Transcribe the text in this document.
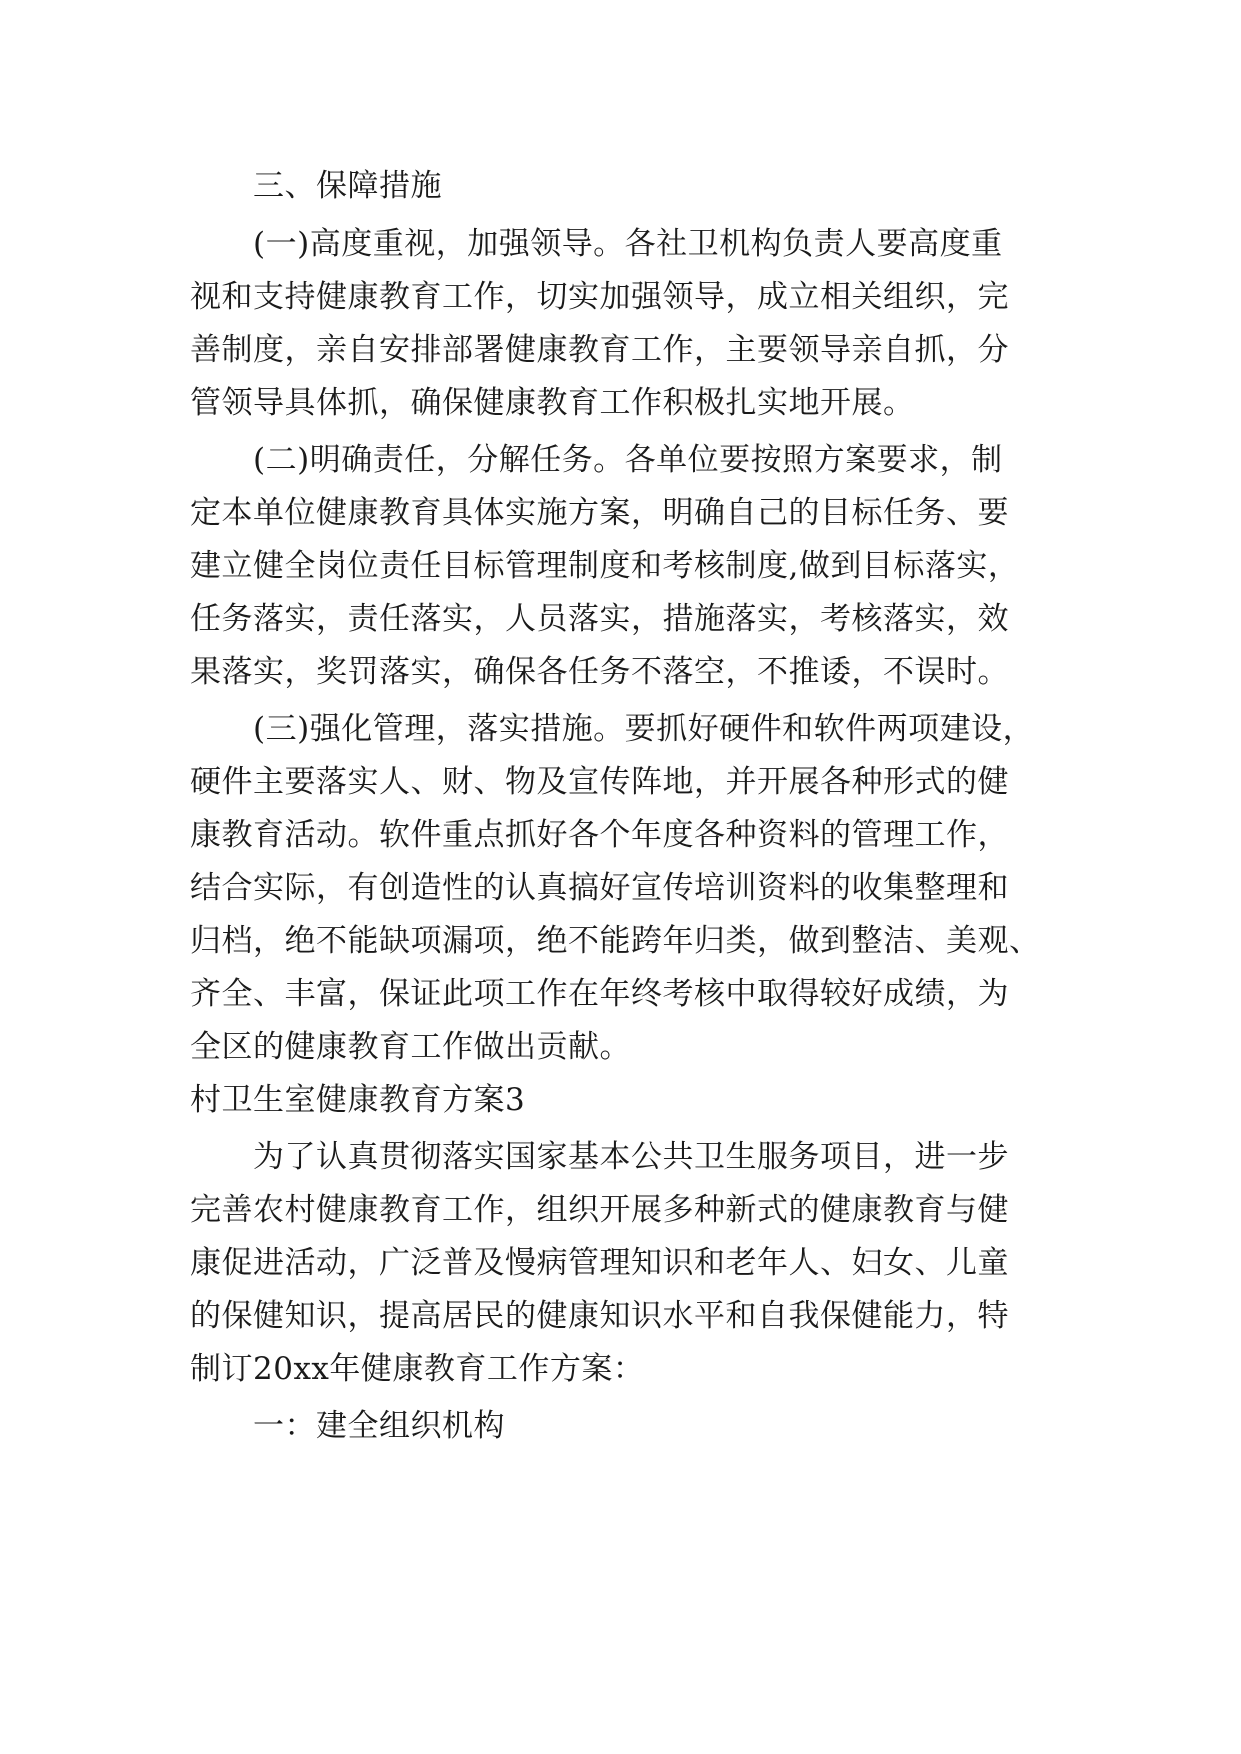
三、保障措施
(一)高度重视，加强领导。各社卫机构负责人要高度重
视和支持健康教育工作，切实加强领导，成立相关组织，完
善制度，亲自安排部署健康教育工作，主要领导亲自抓，分
管领导具体抓，确保健康教育工作积极扎实地开展。
(二)明确责任，分解任务。各单位要按照方案要求，制
定本单位健康教育具体实施方案，明确自己的目标任务、要
建立健全岗位责任目标管理制度和考核制度,做到目标落实，
任务落实，责任落实，人员落实，措施落实，考核落实，效
果落实，奖罚落实，确保各任务不落空，不推诿，不误时。
(三)强化管理，落实措施。要抓好硬件和软件两项建设，
硬件主要落实人、财、物及宣传阵地，并开展各种形式的健
康教育活动。软件重点抓好各个年度各种资料的管理工作，
结合实际，有创造性的认真搞好宣传培训资料的收集整理和
归档，绝不能缺项漏项，绝不能跨年归类，做到整洁、美观、
齐全、丰富，保证此项工作在年终考核中取得较好成绩，为
全区的健康教育工作做出贡献。
村卫生室健康教育方案3
为了认真贯彻落实国家基本公共卫生服务项目，进一步
完善农村健康教育工作，组织开展多种新式的健康教育与健
康促进活动，广泛普及慢病管理知识和老年人、妇女、儿童
的保健知识，提高居民的健康知识水平和自我保健能力，特
制订20xx年健康教育工作方案：
一：建全组织机构
